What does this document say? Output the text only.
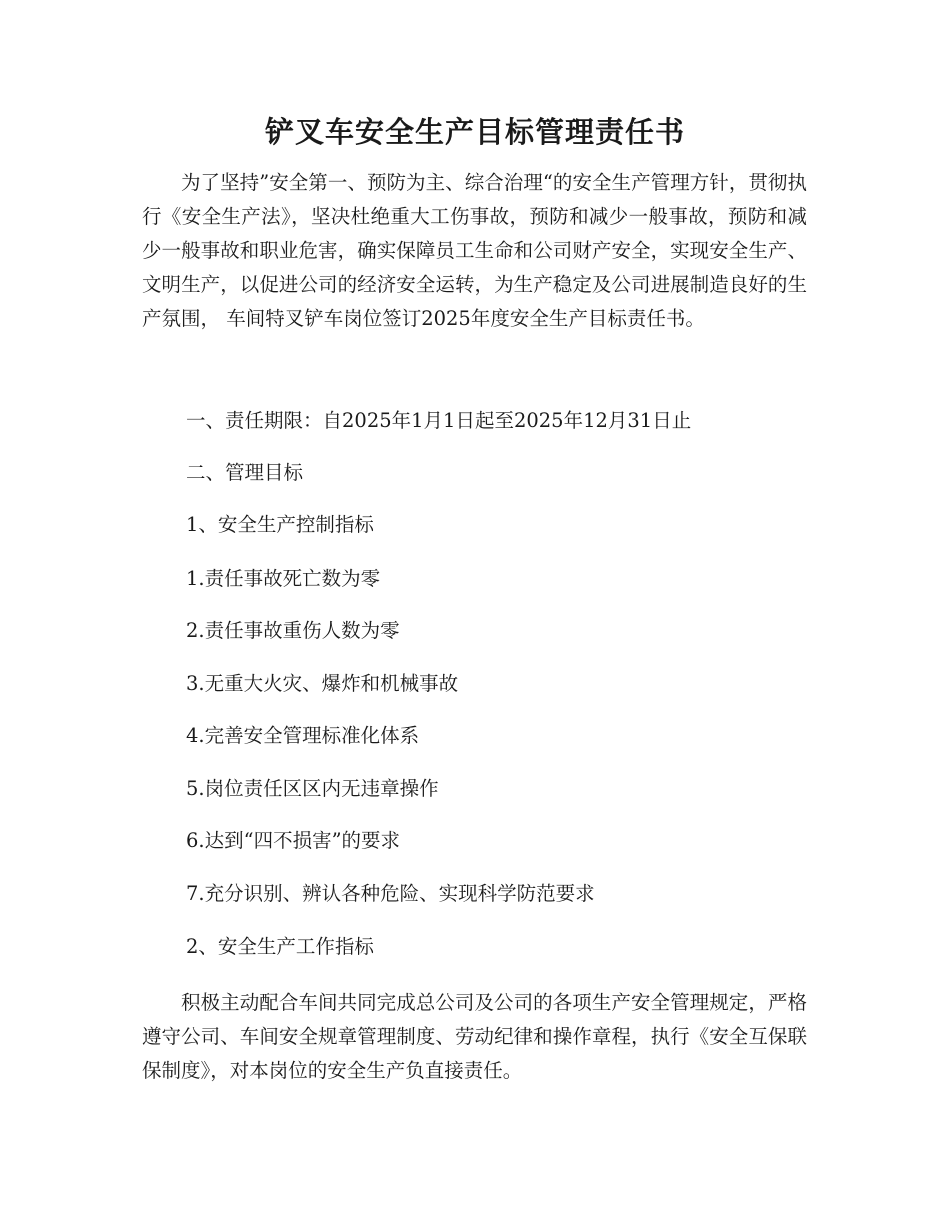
铲叉车安全生产目标管理责任书
为了坚持”安全第一、预防为主、综合治理“的安全生产管理方针，贯彻执行《安全生产法》，坚决杜绝重大工伤事故，预防和减少一般事故，预防和减少一般事故和职业危害，确实保障员工生命和公司财产安全，实现安全生产、文明生产，以促进公司的经济安全运转，为生产稳定及公司进展制造良好的生产氛围， 车间特叉铲车岗位签订2025年度安全生产目标责任书。
一、责任期限：自2025年1月1日起至2025年12月31日止
二、管理目标
1、安全生产控制指标
1.责任事故死亡数为零
2.责任事故重伤人数为零
3.无重大火灾、爆炸和机械事故
4.完善安全管理标准化体系
5.岗位责任区区内无违章操作
6.达到“四不损害”的要求
7.充分识别、辨认各种危险、实现科学防范要求
2、安全生产工作指标
积极主动配合车间共同完成总公司及公司的各项生产安全管理规定，严格遵守公司、车间安全规章管理制度、劳动纪律和操作章程，执行《安全互保联保制度》，对本岗位的安全生产负直接责任。
